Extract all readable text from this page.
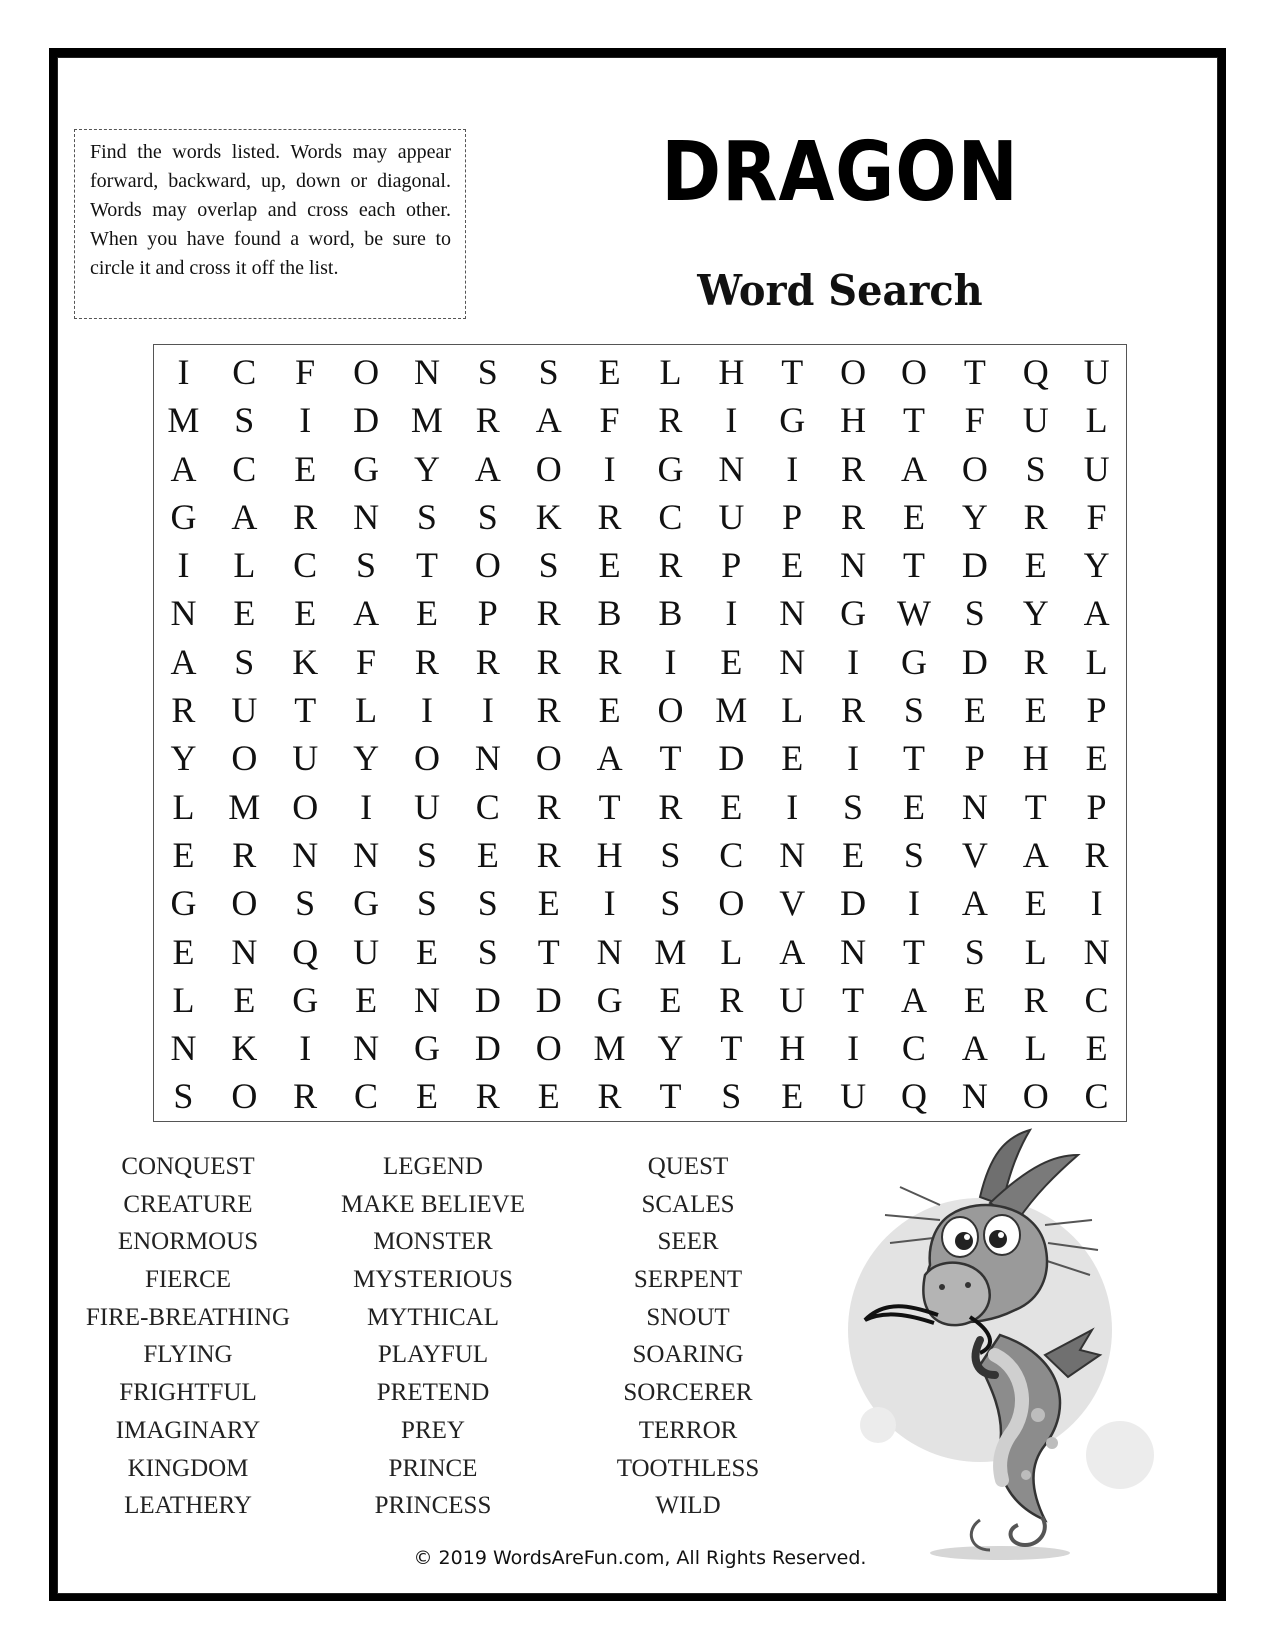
Find the words listed. Words may appear forward, backward, up, down or diagonal. Words may overlap and cross each other. When you have found a word, be sure to circle it and cross it off the list.
DRAGON
Word Search
I	C	F	O N	S	S	E	L	H	T	O O	T	Q U
M S	I	D M R A	F	R	I	G H	T	F	U	L
A C	E	G Y A O	I	G N	I	R A O	S	U
G A R N	S	S	K R	C U	P	R	E	Y R	F
I	L	C	S	T	O	S	E	R	P	E	N	T	D	E	Y
N	E	E	A	E	P	R	B	B	I	N G W S	Y A
A	S	K	F	R	R	R	R	I	E	N	I	G D R	L
R U	T	L	I	I	R	E	O M L	R	S	E	E	P
Y O U Y O N O A	T	D	E	I	T	P	H	E
L M O	I	U C	R	T	R	E	I	S	E	N	T	P
E	R N N	S	E	R H	S	C N	E	S	V A R
G O	S	G	S	S	E	I	S	O V D	I	A	E	I
E	N Q U	E	S	T	N M L	A N	T	S	L	N
L	E	G	E	N D D G	E	R U	T	A	E	R	C
N K	I	N G D O M Y	T	H	I	C A	L	E
S	O R	C	E	R	E	R	T	S	E	U Q N O C
CONQUEST
CREATURE
ENORMOUS
FIERCE
FIRE-BREATHING
FLYING
FRIGHTFUL
IMAGINARY
KINGDOM
LEATHERY
LEGEND
MAKE BELIEVE
MONSTER
MYSTERIOUS
MYTHICAL
PLAYFUL
PRETEND
PREY
PRINCE
PRINCESS
QUEST
SCALES
SEER
SERPENT
SNOUT
SOARING
SORCERER
TERROR
TOOTHLESS
WILD
© 2019 WordsAreFun.com, All Rights Reserved.
